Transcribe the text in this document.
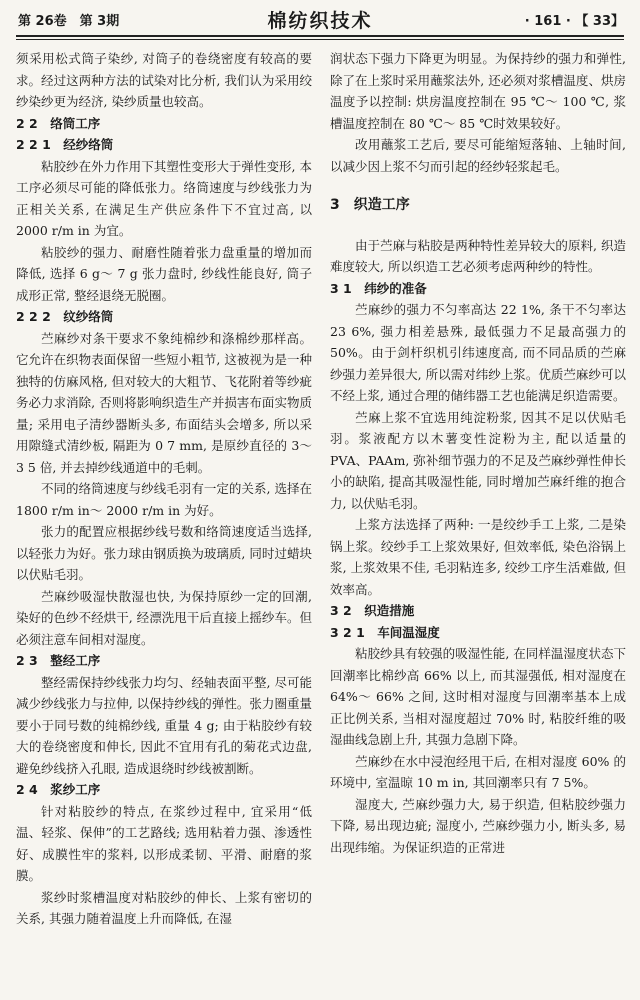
第 26卷　第 3期	棉纺织技术	· 161 · 【 33】

须采用松式筒子染纱, 对筒子的卷绕密度有较高的要求。经过这两种方法的试染对比分析, 我们认为采用绞纱染纱更为经济, 染纱质量也较高。

2 2　络筒工序
2 2 1　经纱络筒

粘胶纱在外力作用下其塑性变形大于弹性变形, 本工序必须尽可能的降低张力。络筒速度与纱线张力为正相关关系, 在满足生产供应条件下不宜过高, 以 2000 r/m in 为宜。

粘胶纱的强力、耐磨性随着张力盘重量的增加而降低, 选择 6 g～ 7 g 张力盘时, 纱线性能良好, 筒子成形正常, 整经退绕无脱圈。

2 2 2　纹纱络筒

苎麻纱对条干要求不象纯棉纱和涤棉纱那样高。它允许在织物表面保留一些短小粗节, 这被视为是一种独特的仿麻风格, 但对较大的大粗节、飞花附着等纱疵务必力求消除, 否则将影响织造生产并损害布面实物质量; 采用电子清纱器断头多, 布面结头会增多, 所以采用隙缝式清纱板, 隔距为 0 7 mm, 是原纱直径的 3～ 3 5 倍, 并去掉纱线通道中的毛刺。

不同的络筒速度与纱线毛羽有一定的关系, 选择在 1800 r/m in～ 2000 r/m in 为好。

张力的配置应根据纱线号数和络筒速度适当选择, 以轻张力为好。张力球由钢质换为玻璃质, 同时过蜡块以伏贴毛羽。

苎麻纱吸湿快散湿也快, 为保持原纱一定的回潮, 染好的色纱不经烘干, 经漂洗甩干后直接上摇纱车。但必须注意车间相对湿度。

2 3　整经工序

整经需保持纱线张力均匀、经轴表面平整, 尽可能减少纱线张力与拉伸, 以保持纱线的弹性。张力圈重量要小于同号数的纯棉纱线, 重量 4 g; 由于粘胶纱有较大的卷绕密度和伸长, 因此不宜用有孔的菊花式边盘, 避免纱线挤入孔眼, 造成退绕时纱线被割断。

2 4　浆纱工序

针对粘胶纱的特点, 在浆纱过程中, 宜采用“低温、轻浆、保伸”的工艺路线; 选用粘着力强、渗透性好、成膜性牢的浆料, 以形成柔韧、平滑、耐磨的浆膜。

浆纱时浆槽温度对粘胶纱的伸长、上浆有密切的关系, 其强力随着温度上升而降低, 在湿

润状态下强力下降更为明显。为保持纱的强力和弹性, 除了在上浆时采用蘸浆法外, 还必须对浆槽温度、烘房温度予以控制: 烘房温度控制在 95 ℃～ 100 ℃, 浆槽温度控制在 80 ℃～ 85 ℃时效果较好。

改用蘸浆工艺后, 要尽可能缩短落轴、上轴时间, 以减少因上浆不匀而引起的经纱轻浆起毛。

3　织造工序

由于苎麻与粘胶是两种特性差异较大的原料, 织造难度较大, 所以织造工艺必须考虑两种纱的特性。

3 1　纬纱的准备

苎麻纱的强力不匀率高达 22 1%, 条干不匀率达 23 6%, 强力相差悬殊, 最低强力不足最高强力的 50%。由于剑杆织机引纬速度高, 而不同品质的苎麻纱强力差异很大, 所以需对纬纱上浆。优质苎麻纱可以不经上浆, 通过合理的储纬器工艺也能满足织造需要。

苎麻上浆不宜选用纯淀粉浆, 因其不足以伏贴毛羽。浆液配方以木薯变性淀粉为主, 配以适量的 PVA、PAAm, 弥补细节强力的不足及苎麻纱弹性伸长小的缺陷, 提高其吸湿性能, 同时增加苎麻纤维的抱合力, 以伏贴毛羽。

上浆方法选择了两种: 一是绞纱手工上浆, 二是染锅上浆。绞纱手工上浆效果好, 但效率低, 染色浴锅上浆, 上浆效果不佳, 毛羽粘连多, 绞纱工序生活难做, 但效率高。

3 2　织造措施
3 2 1　车间温湿度

粘胶纱具有较强的吸湿性能, 在同样温湿度状态下回潮率比棉纱高 66% 以上, 而其湿强低, 相对湿度在 64%～ 66% 之间, 这时相对湿度与回潮率基本上成正比例关系, 当相对湿度超过 70% 时, 粘胶纤维的吸湿曲线急剧上升, 其强力急剧下降。

苎麻纱在水中浸泡经甩干后, 在相对湿度 60% 的环境中, 室温晾 10 m in, 其回潮率只有 7 5%。

湿度大, 苎麻纱强力大, 易于织造, 但粘胶纱强力下降, 易出现边疵; 湿度小, 苎麻纱强力小, 断头多, 易出现纬缩。为保证织造的正常进
